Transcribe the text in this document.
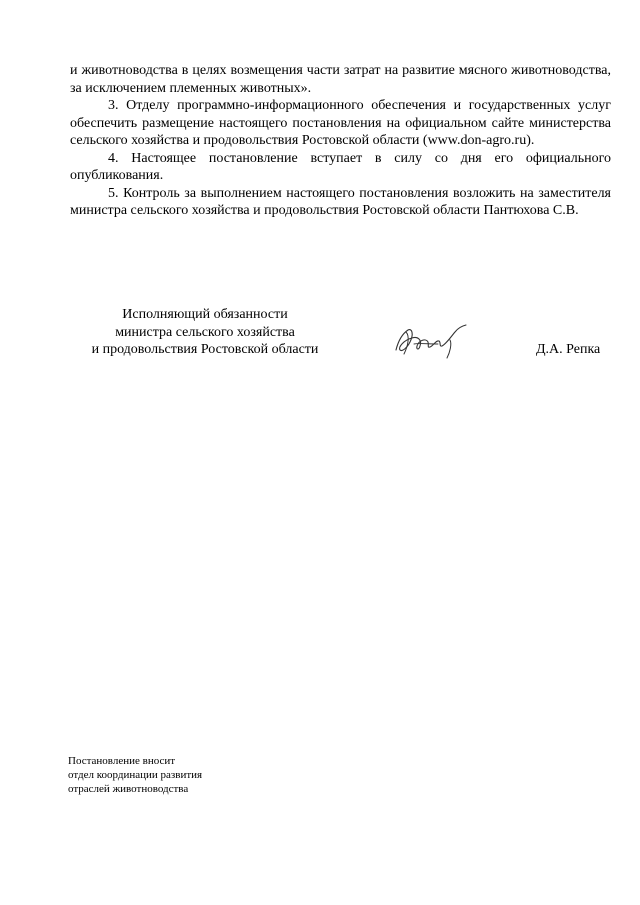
и животноводства в целях возмещения части затрат на развитие мясного животноводства, за исключением племенных животных».

3. Отделу программно-информационного обеспечения и государственных услуг обеспечить размещение настоящего постановления на официальном сайте министерства сельского хозяйства и продовольствия Ростовской области (www.don-agro.ru).

4. Настоящее постановление вступает в силу со дня его официального опубликования.

5. Контроль за выполнением настоящего постановления возложить на заместителя министра сельского хозяйства и продовольствия Ростовской области Пантюхова С.В.

Исполняющий обязанности
министра сельского хозяйства
и продовольствия Ростовской области	Д.А. Репка
Постановление вносит
отдел координации развития
отраслей животноводства
